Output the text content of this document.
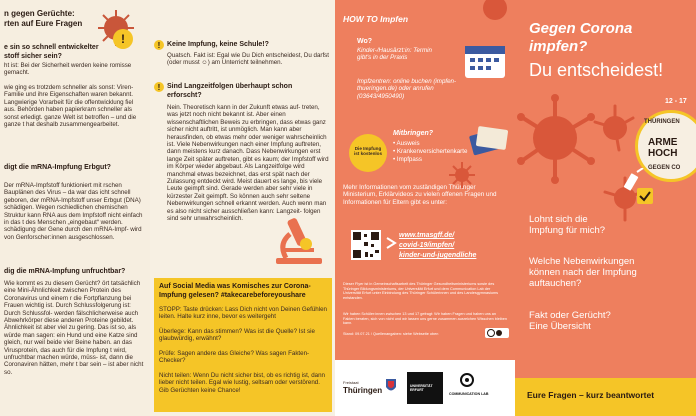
n gegen Gerüchte:
rten auf Eure Fragen
!
e sin so schnell entwickelter stoff sicher sein?
ht ist: Bei der Sicherheit werden keine romisse gemacht.
wie ging es trotzdem schneller als sonst: Viren-Familie und ihre Eigenschaften waren bekannt. Langwierige Vorarbeit für die offentwicklung fiel aus. Behörden haben papierkram schneller als sonst erledigt. ganze Welt ist betroffen – und die ganze t hat deshalb zusammengearbeitet.
digt die mRNA-Impfung Erbgut?
Der mRNA-Impfstoff funktioniert mit rschen Bauplänen des Virus – da war das icht schnell geboren, der mRNA-Impfstoff unser Erbgut (DNA) schädigen. Wegen rschiedlichen chemischen Struktur kann RNA aus dem Impfstoff nicht einfach in das t des Menschen „eingebaut“ werden. schädigung der Gene durch den mRNA-Impf- wird von Genforscher:innen ausgeschlossen.
dig die mRNA-Impfung unfruchtbar?
Wie kommt es zu diesem Gerücht? ört tatsächlich eine Mini-Ähnlichkeit zwischen Protein des Coronavirus und einem r die Fortpflanzung bei Frauen wichtig ist. Durch Schlussfolgerung ist: Durch Schlussfol- werden fälschlicherweise auch Abwehrkörper diese anderen Proteine gebildet. Ähnlichkeit ist aber viel zu gering. Das ist so, als würde man sagen: ein Hund und eine Katze sind gleich, nur weil beide vier Beine haben. an das Virusprotein, das auch für die Impfung t wird, unfruchtbar machen würde, müss- ist, dann die Coronaviren hätten, mehr t bar sein – ist aber nicht so.
! Keine Impfung, keine Schule!?
Quatsch. Fakt ist: Egal wie Du Dich entscheidest, Du darfst (oder musst ☺) am Unterricht teilnehmen.
! Sind Langzeitfolgen überhaupt schon erforscht?
Nein. Theoretisch kann in der Zukunft etwas auf- treten, was jetzt noch nicht bekannt ist. Aber einen wissenschaftlichen Beweis zu erbringen, dass etwas ganz sicher nicht auftritt, ist unmöglich. Man kann aber herausfinden, ob etwas mehr oder weniger wahrscheinlich ist. Viele Nebenwirkungen nach einer Impfung auftreten, dann meistens kurz danach. Dass Nebenwirkungen erst lange Zeit später auftreten, gibt es kaum; der Impfstoff wird im Körper wieder abgebaut. Als Langzeitfolge wird manchmal etwas bezeichnet, das erst spät nach der Zulassung entdeckt wird. Meist dauert es lange, bis viele Leute geimpft sind. Gerade werden aber sehr viele in kürzester Zeit geimpft. So können auch sehr seltene Nebenwirkungen schnell erkannt werden. Auch wenn man es also nicht sicher ausschließen kann: Langzeit- folgen sind sehr unwahrscheinlich.
Auf Social Media was Komisches zur Corona-Impfung gelesen? #takecarebeforeyoushare
STOPP: Taste drücken: Lass Dich nicht von Deinen Gefühlen leiten. Halte kurz inne, bevor es weitergeht
Überlege: Kann das stimmen? Was ist die Quelle? Ist sie glaubwürdig, erwähnt?
Prüfe: Sagen andere das Gleiche? Was sagen Fakten-Checker?
Nicht teilen: Wenn Du nicht sicher bist, ob es richtig ist, dann lieber nicht teilen. Egal wie lustig, seltsam oder verstörend. Gib Gerüchten keine Chance!
HOW TO Impfen
Wo?
Kinder-/Hausärzt:in: Termin gibt's in der Praxis
Impfzentren: online buchen (impfen-thueringen.de) oder anrufen (03643/4950490)
Die Impfung ist kostenlos
Mitbringen?
• Ausweis
• Krankenversichertenkarte
• Impfpass
Mehr Informationen vom zuständigen Thüringer Ministerium, Erklärvideos zu vielen offenen Fragen und Informationen für Eltern gibt es unter:
www.tmasgff.de/
covid-19/impfen/
kinder-und-jugendliche
Dieser Flyer ist in Gemeinschaftsarbeit des Thüringer Gesundheitsministeriums sowie des Thüringer Bildungsministeriums, der Universität Erfurt und dem Communication Lab der Universität Erfurt unter Einbindung des Thüringer Schülerinnen und des Landesgymnasiums entstanden.
Wir haben Schüler:innen zwischen 13 und 17 gefragt: Wir haben Fragen und haben uns an Fakten beraten, sich von nicht und wir lassen uns gerne zusammen ausreichen Wisschen bleiben kann.
Stand: 09.07.21 / Quellenangaben: siehe Webseite oben
Freistaat
Thüringen	UNIVERSITÄT ERFURT
COMMUNICATION LAB
Gegen Corona
impfen?
Du entscheidest!
12 - 17
THÜRINGEN
ARME
HOCH
GEGEN CO
Lohnt sich die
Impfung für mich?
Welche Nebenwirkungen
können nach der Impfung
auftauchen?
Fakt oder Gerücht?
Eine Übersicht
Eure Fragen – kurz beantwortet
